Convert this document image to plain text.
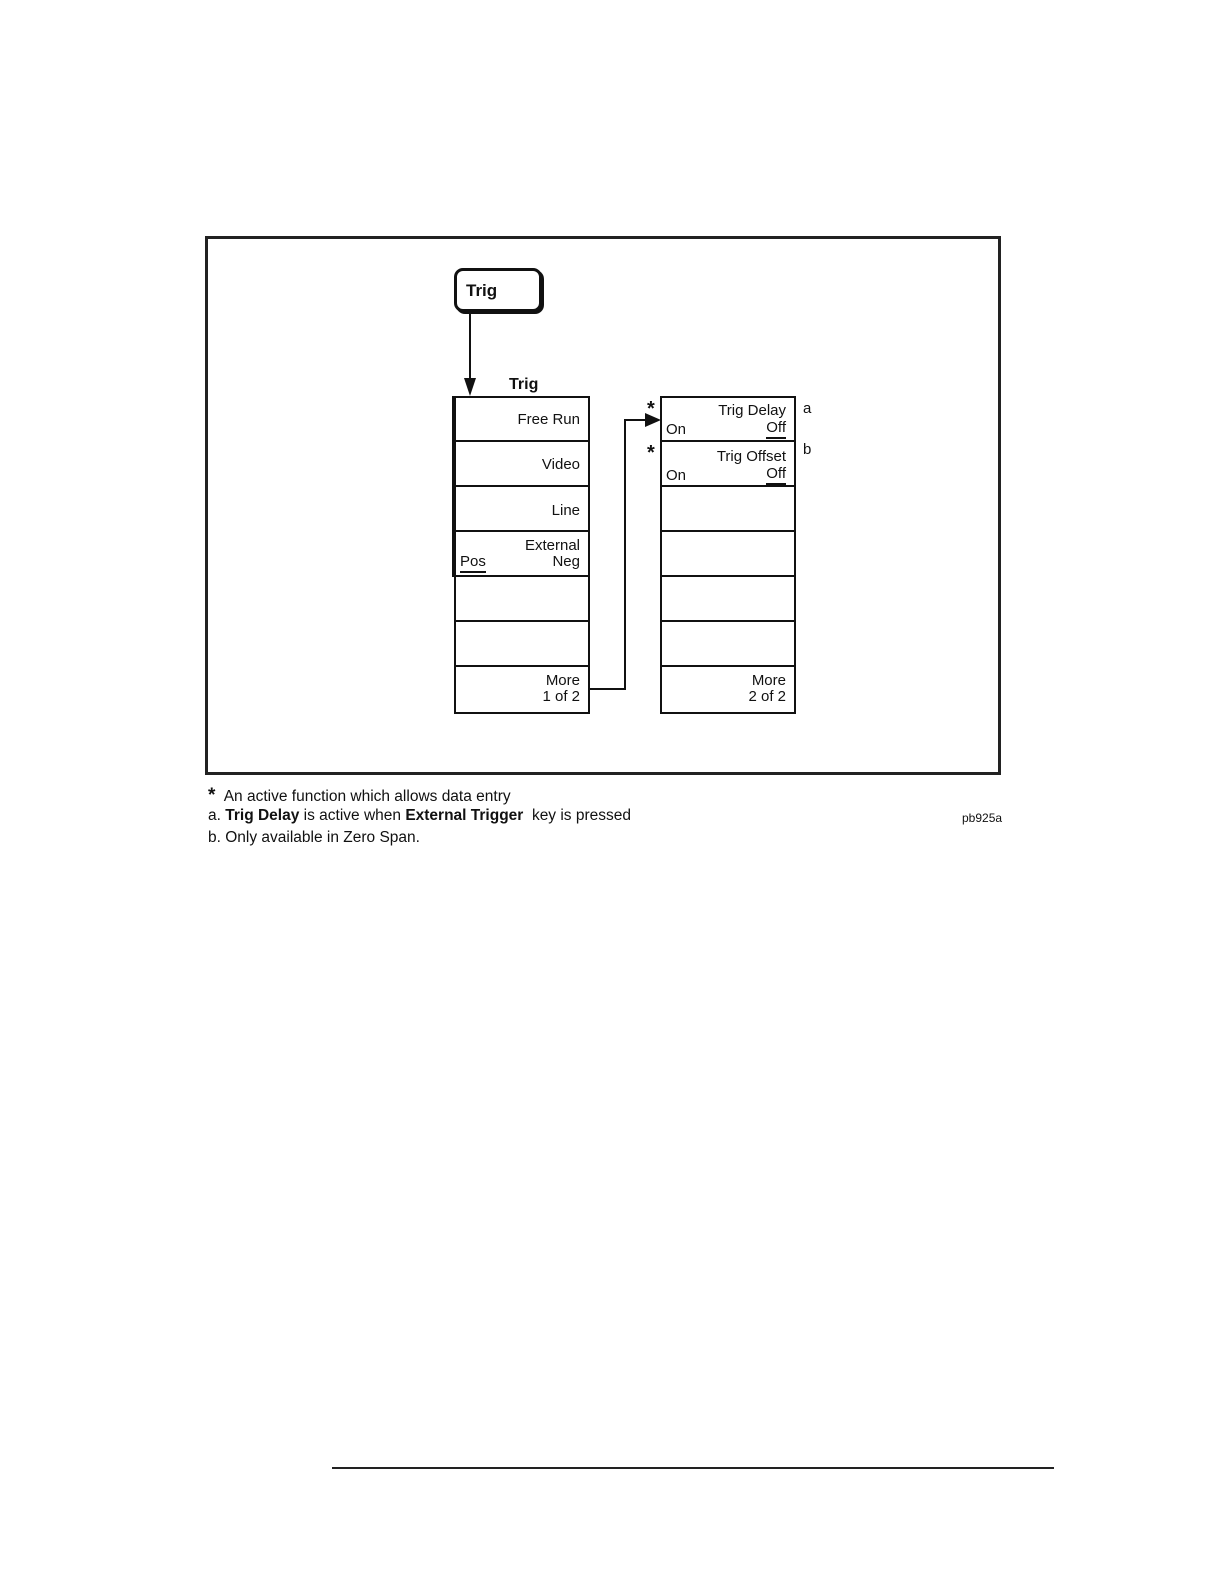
Trig
Trig
Free Run
Video
Line
External
Pos	Neg
More
1 of 2
Trig Delay
On	Off
Trig Offset
On	Off
More
2 of 2
*
*
a
b
* An active function which allows data entry
a. Trig Delay is active when External Trigger  key is pressed
b. Only available in Zero Span.
pb925a
